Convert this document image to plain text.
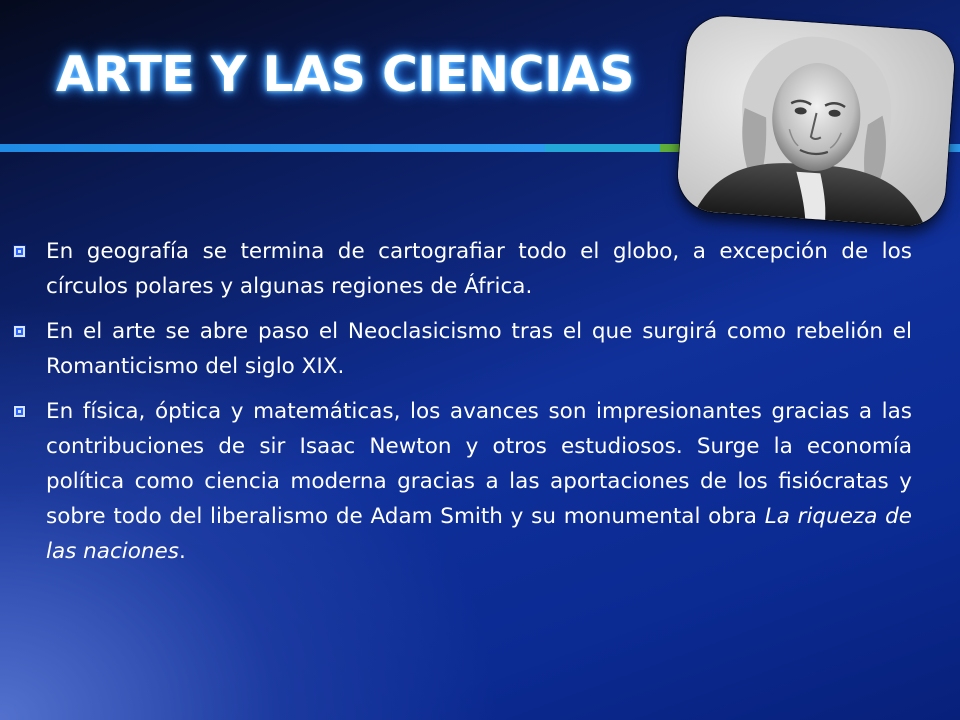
ARTE Y LAS CIENCIAS
En geografía se termina de cartografiar todo el globo, a excepción de los círculos polares y algunas regiones de África.
En el arte se abre paso el Neoclasicismo tras el que surgirá como rebelión el Romanticismo del siglo XIX.
En física, óptica y matemáticas, los avances son impresionantes gracias a las contribuciones de sir Isaac Newton y otros estudiosos. Surge la economía política como ciencia moderna gracias a las aportaciones de los fisiócratas y sobre todo del liberalismo de Adam Smith y su monumental obra La riqueza de las naciones.
